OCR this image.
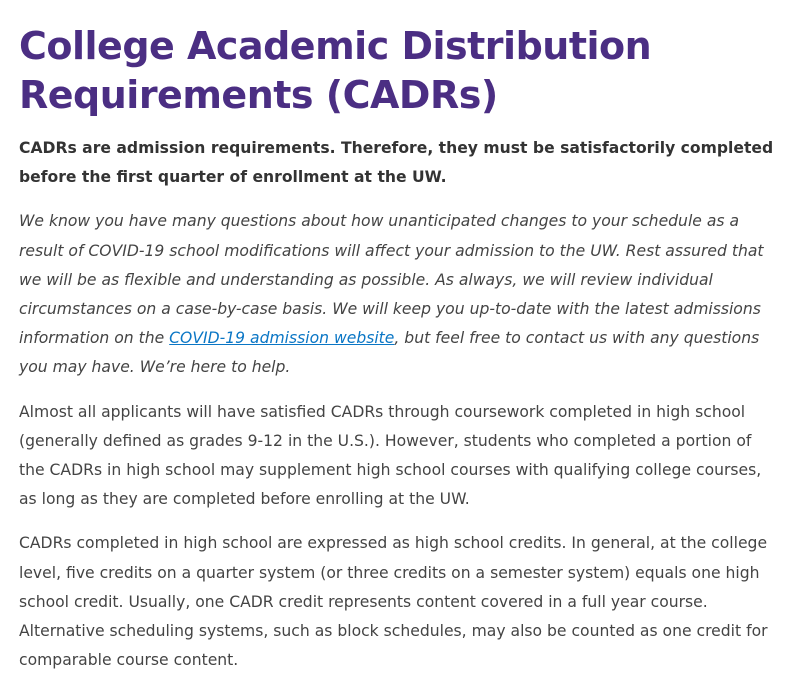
College Academic Distribution Requirements (CADRs)

CADRs are admission requirements. Therefore, they must be satisfactorily completed before the first quarter of enrollment at the UW.

We know you have many questions about how unanticipated changes to your schedule as a result of COVID-19 school modifications will affect your admission to the UW. Rest assured that we will be as flexible and understanding as possible. As always, we will review individual circumstances on a case-by-case basis. We will keep you up-to-date with the latest admissions information on the COVID-19 admission website, but feel free to contact us with any questions you may have. We’re here to help.

Almost all applicants will have satisfied CADRs through coursework completed in high school (generally defined as grades 9-12 in the U.S.). However, students who completed a portion of the CADRs in high school may supplement high school courses with qualifying college courses, as long as they are completed before enrolling at the UW.

CADRs completed in high school are expressed as high school credits. In general, at the college level, five credits on a quarter system (or three credits on a semester system) equals one high school credit. Usually, one CADR credit represents content covered in a full year course. Alternative scheduling systems, such as block schedules, may also be counted as one credit for comparable course content.
